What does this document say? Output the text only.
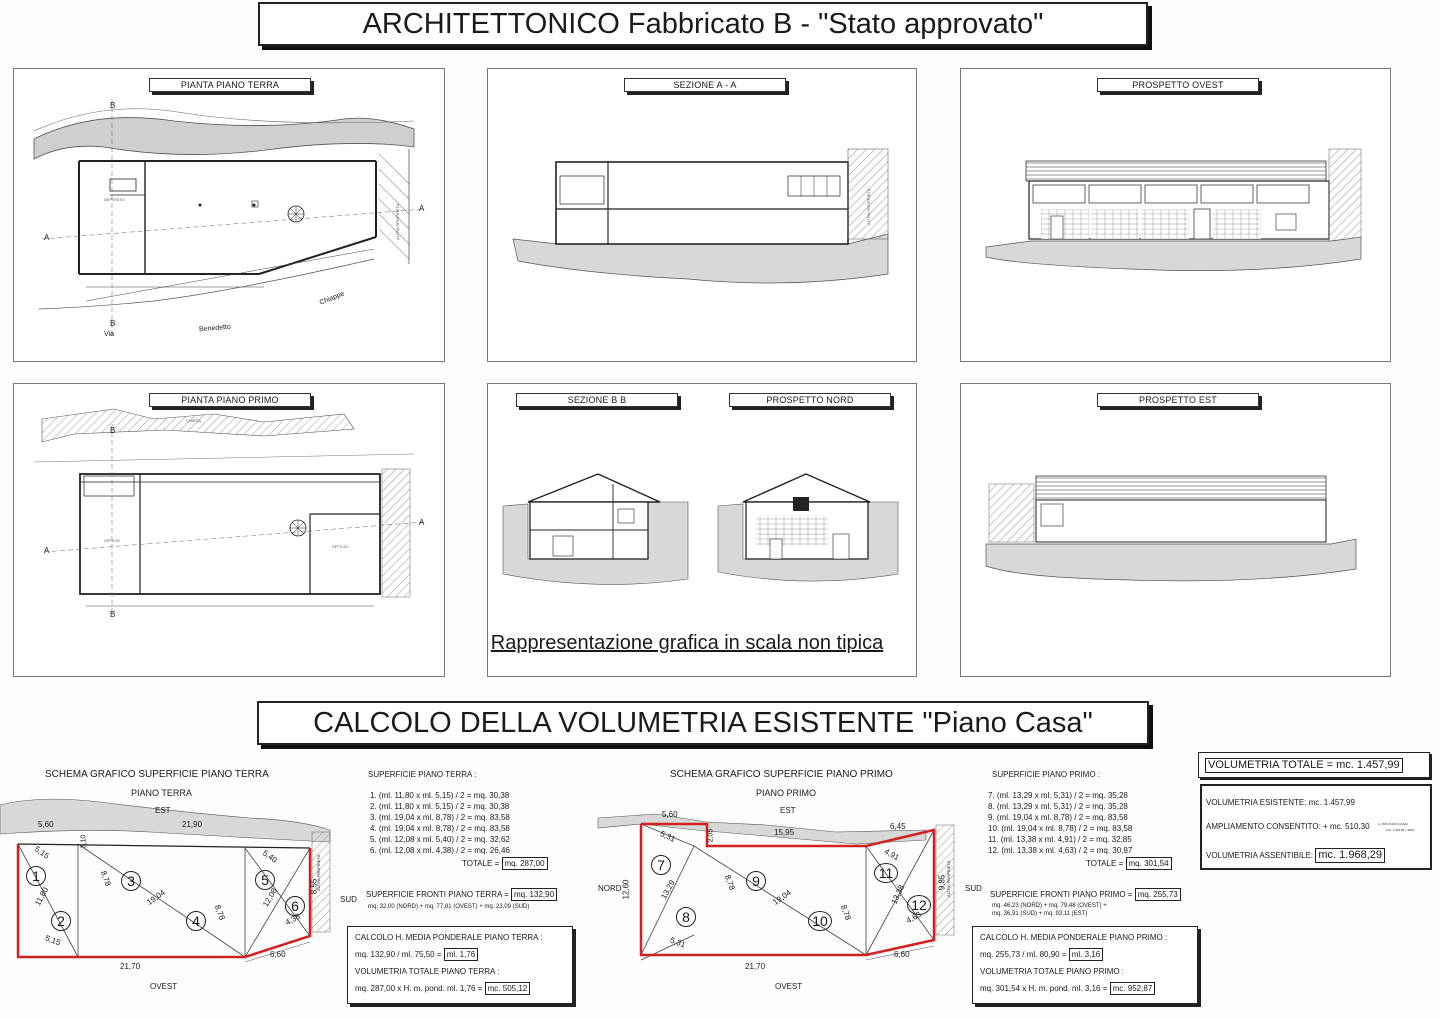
ARCHITETTONICO Fabbricato B - "Stato approvato"
PIANTA PIANO TERRA
DEPOSITO
ALTRA PROPRIETA'
Via
Benedetto
Chiappe
A
A
B
B
SEZIONE A - A
ALTRA PROPRIETA'
PROSPETTO OVEST
PIANTA PIANO PRIMO
CHIESA
UFFICIO
UFFICIO
A
A
B
B
SEZIONE B B	PROSPETTO NORD
Rappresentazione grafica in scala non tipica
PROSPETTO EST
CALCOLO DELLA VOLUMETRIA ESISTENTE "Piano Casa"
SCHEMA GRAFICO SUPERFICIE PIANO TERRA
PIANO TERRA
5,60	21,90
5,15
11,80
5,15
8,78
19,04
8,78
5,40
12,08
4,38
8,55
6,60
21,70
3,10
EST
OVEST
SUD
ALTRA PROPRIETA'
1
2
3
4
5
6
SUPERFICIE PIANO TERRA :
1. (ml. 11,80 x ml. 5,15) / 2 = mq. 30,38
2. (ml. 11,80 x ml. 5,15) / 2 = mq. 30,38
3. (ml. 19,04 x ml. 8,78) / 2 = mq. 83,58
4. (ml. 19,04 x ml. 8,78) / 2 = mq. 83,58
5. (ml. 12,08 x ml. 5,40) / 2 = mq. 32,62
6. (ml. 12,08 x ml. 4,38) / 2 = mq. 26,46
TOTALE = mq. 287,00
SUPERFICIE FRONTI PIANO TERRA = mq. 132,90
mq. 32,00 (NORD) + mq. 77,81 (OVEST) + mq. 23,09 (SUD)
CALCOLO H. MEDIA PONDERALE PIANO TERRA :
mq. 132,90 / ml. 75,50 = ml. 1,76
VOLUMETRIA TOTALE PIANO TERRA :
mq. 287,00 x H. m. pond. ml. 1,76 = mc. 505,12
SCHEMA GRAFICO SUPERFICIE PIANO PRIMO
PIANO PRIMO
5,60
5,31	2,05	15,95
6,45
12,60	13,29	8,78
19,04
8,78
4,91
13,38
4,63
9,85
5,31
6,60
21,70
EST
OVEST
NORD	SUD
ALTRA PROPRIETA'
7
8
9
10
11
12
SUPERFICIE PIANO PRIMO :
7. (ml. 13,29 x ml. 5,31) / 2 = mq. 35,28
8. (ml. 13,29 x ml. 5,31) / 2 = mq. 35,28
9. (ml. 19,04 x ml. 8,78) / 2 = mq. 83,58
10. (ml. 19,04 x ml. 8,78) / 2 = mq. 83,58
11. (ml. 13,38 x ml. 4,91) / 2 = mq. 32,85
12. (ml. 13,38 x ml. 4,63) / 2 = mq. 30,97
TOTALE = mq. 301,54
SUPERFICIE FRONTI PIANO PRIMO = mq. 255,73
mq. 46,23 (NORD) + mq. 79,48 (OVEST) +
mq. 36,91 (SUD) + mq. 93,11 (EST)
CALCOLO H. MEDIA PONDERALE PIANO PRIMO :
mq. 255,73 / ml. 80,90 = ml. 3,16
VOLUMETRIA TOTALE PIANO PRIMO :
mq. 301,54 x H. m. pond. ml. 3,16 = mc. 952,87
VOLUMETRIA TOTALE = mc. 1.457,99
VOLUMETRIA ESISTENTE: mc. 1.457,99
AMPLIAMENTO CONSENTITO: + mc. 510,30	(+ 35% PIANO CASA)
(mc. 1.457,99 x 35%)
VOLUMETRIA ASSENTIBILE: mc. 1.968,29
